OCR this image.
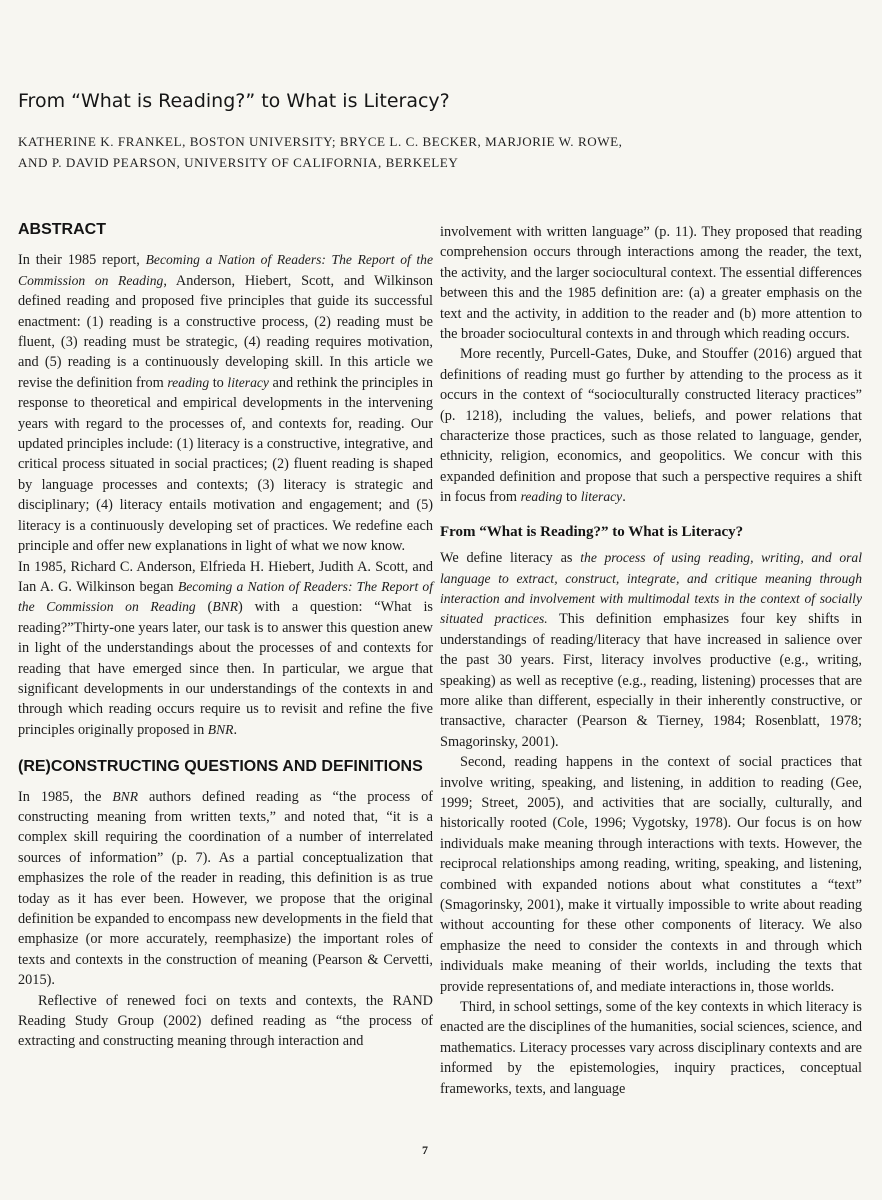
From “What is Reading?” to What is Literacy?

KATHERINE K. FRANKEL, BOSTON UNIVERSITY; BRYCE L. C. BECKER, MARJORIE W. ROWE,
AND P. DAVID PEARSON, UNIVERSITY OF CALIFORNIA, BERKELEY

ABSTRACT

In their 1985 report, Becoming a Nation of Readers: The Report of the Commission on Reading, Anderson, Hiebert, Scott, and Wilkinson defined reading and proposed five principles that guide its successful enactment: (1) reading is a constructive process, (2) reading must be fluent, (3) reading must be strategic, (4) reading requires motivation, and (5) reading is a continuously developing skill. In this article we revise the definition from reading to literacy and rethink the principles in response to theoretical and empirical developments in the intervening years with regard to the processes of, and contexts for, reading. Our updated principles include: (1) literacy is a constructive, integrative, and critical process situated in social practices; (2) fluent reading is shaped by language processes and contexts; (3) literacy is strategic and disciplinary; (4) literacy entails motivation and engagement; and (5) literacy is a continuously developing set of practices. We redefine each principle and offer new explanations in light of what we now know.

In 1985, Richard C. Anderson, Elfrieda H. Hiebert, Judith A. Scott, and Ian A. G. Wilkinson began Becoming a Nation of Readers: The Report of the Commission on Reading (BNR) with a question: “What is reading?”Thirty-one years later, our task is to answer this question anew in light of the understandings about the processes of and contexts for reading that have emerged since then. In particular, we argue that significant developments in our understandings of the contexts in and through which reading occurs require us to revisit and refine the five principles originally proposed in BNR.

(RE)CONSTRUCTING QUESTIONS AND DEFINITIONS

In 1985, the BNR authors defined reading as “the process of constructing meaning from written texts,” and noted that, “it is a complex skill requiring the coordination of a number of interrelated sources of information” (p. 7). As a partial conceptualization that emphasizes the role of the reader in reading, this definition is as true today as it has ever been. However, we propose that the original definition be expanded to encompass new developments in the field that emphasize (or more accurately, reemphasize) the important roles of texts and contexts in the construction of meaning (Pearson & Cervetti, 2015).

Reflective of renewed foci on texts and contexts, the RAND Reading Study Group (2002) defined reading as “the process of extracting and constructing meaning through interaction and

involvement with written language” (p. 11). They proposed that reading comprehension occurs through interactions among the reader, the text, the activity, and the larger sociocultural context. The essential differences between this and the 1985 definition are: (a) a greater emphasis on the text and the activity, in addition to the reader and (b) more attention to the broader sociocultural contexts in and through which reading occurs.

More recently, Purcell-Gates, Duke, and Stouffer (2016) argued that definitions of reading must go further by attending to the process as it occurs in the context of “socioculturally constructed literacy practices” (p. 1218), including the values, beliefs, and power relations that characterize those practices, such as those related to language, gender, ethnicity, religion, economics, and geopolitics. We concur with this expanded definition and propose that such a perspective requires a shift in focus from reading to literacy.

From “What is Reading?” to What is Literacy?

We define literacy as the process of using reading, writing, and oral language to extract, construct, integrate, and critique meaning through interaction and involvement with multimodal texts in the context of socially situated practices. This definition emphasizes four key shifts in understandings of reading/literacy that have increased in salience over the past 30 years. First, literacy involves productive (e.g., writing, speaking) as well as receptive (e.g., reading, listening) processes that are more alike than different, especially in their inherently constructive, or transactive, character (Pearson & Tierney, 1984; Rosenblatt, 1978; Smagorinsky, 2001).

Second, reading happens in the context of social practices that involve writing, speaking, and listening, in addition to reading (Gee, 1999; Street, 2005), and activities that are socially, culturally, and historically rooted (Cole, 1996; Vygotsky, 1978). Our focus is on how individuals make meaning through interactions with texts. However, the reciprocal relationships among reading, writing, speaking, and listening, combined with expanded notions about what constitutes a “text” (Smagorinsky, 2001), make it virtually impossible to write about reading without accounting for these other components of literacy. We also emphasize the need to consider the contexts in and through which individuals make meaning of their worlds, including the texts that provide representations of, and mediate interactions in, those worlds.

Third, in school settings, some of the key contexts in which literacy is enacted are the disciplines of the humanities, social sciences, science, and mathematics. Literacy processes vary across disciplinary contexts and are informed by the epistemologies, inquiry practices, conceptual frameworks, texts, and language

7
